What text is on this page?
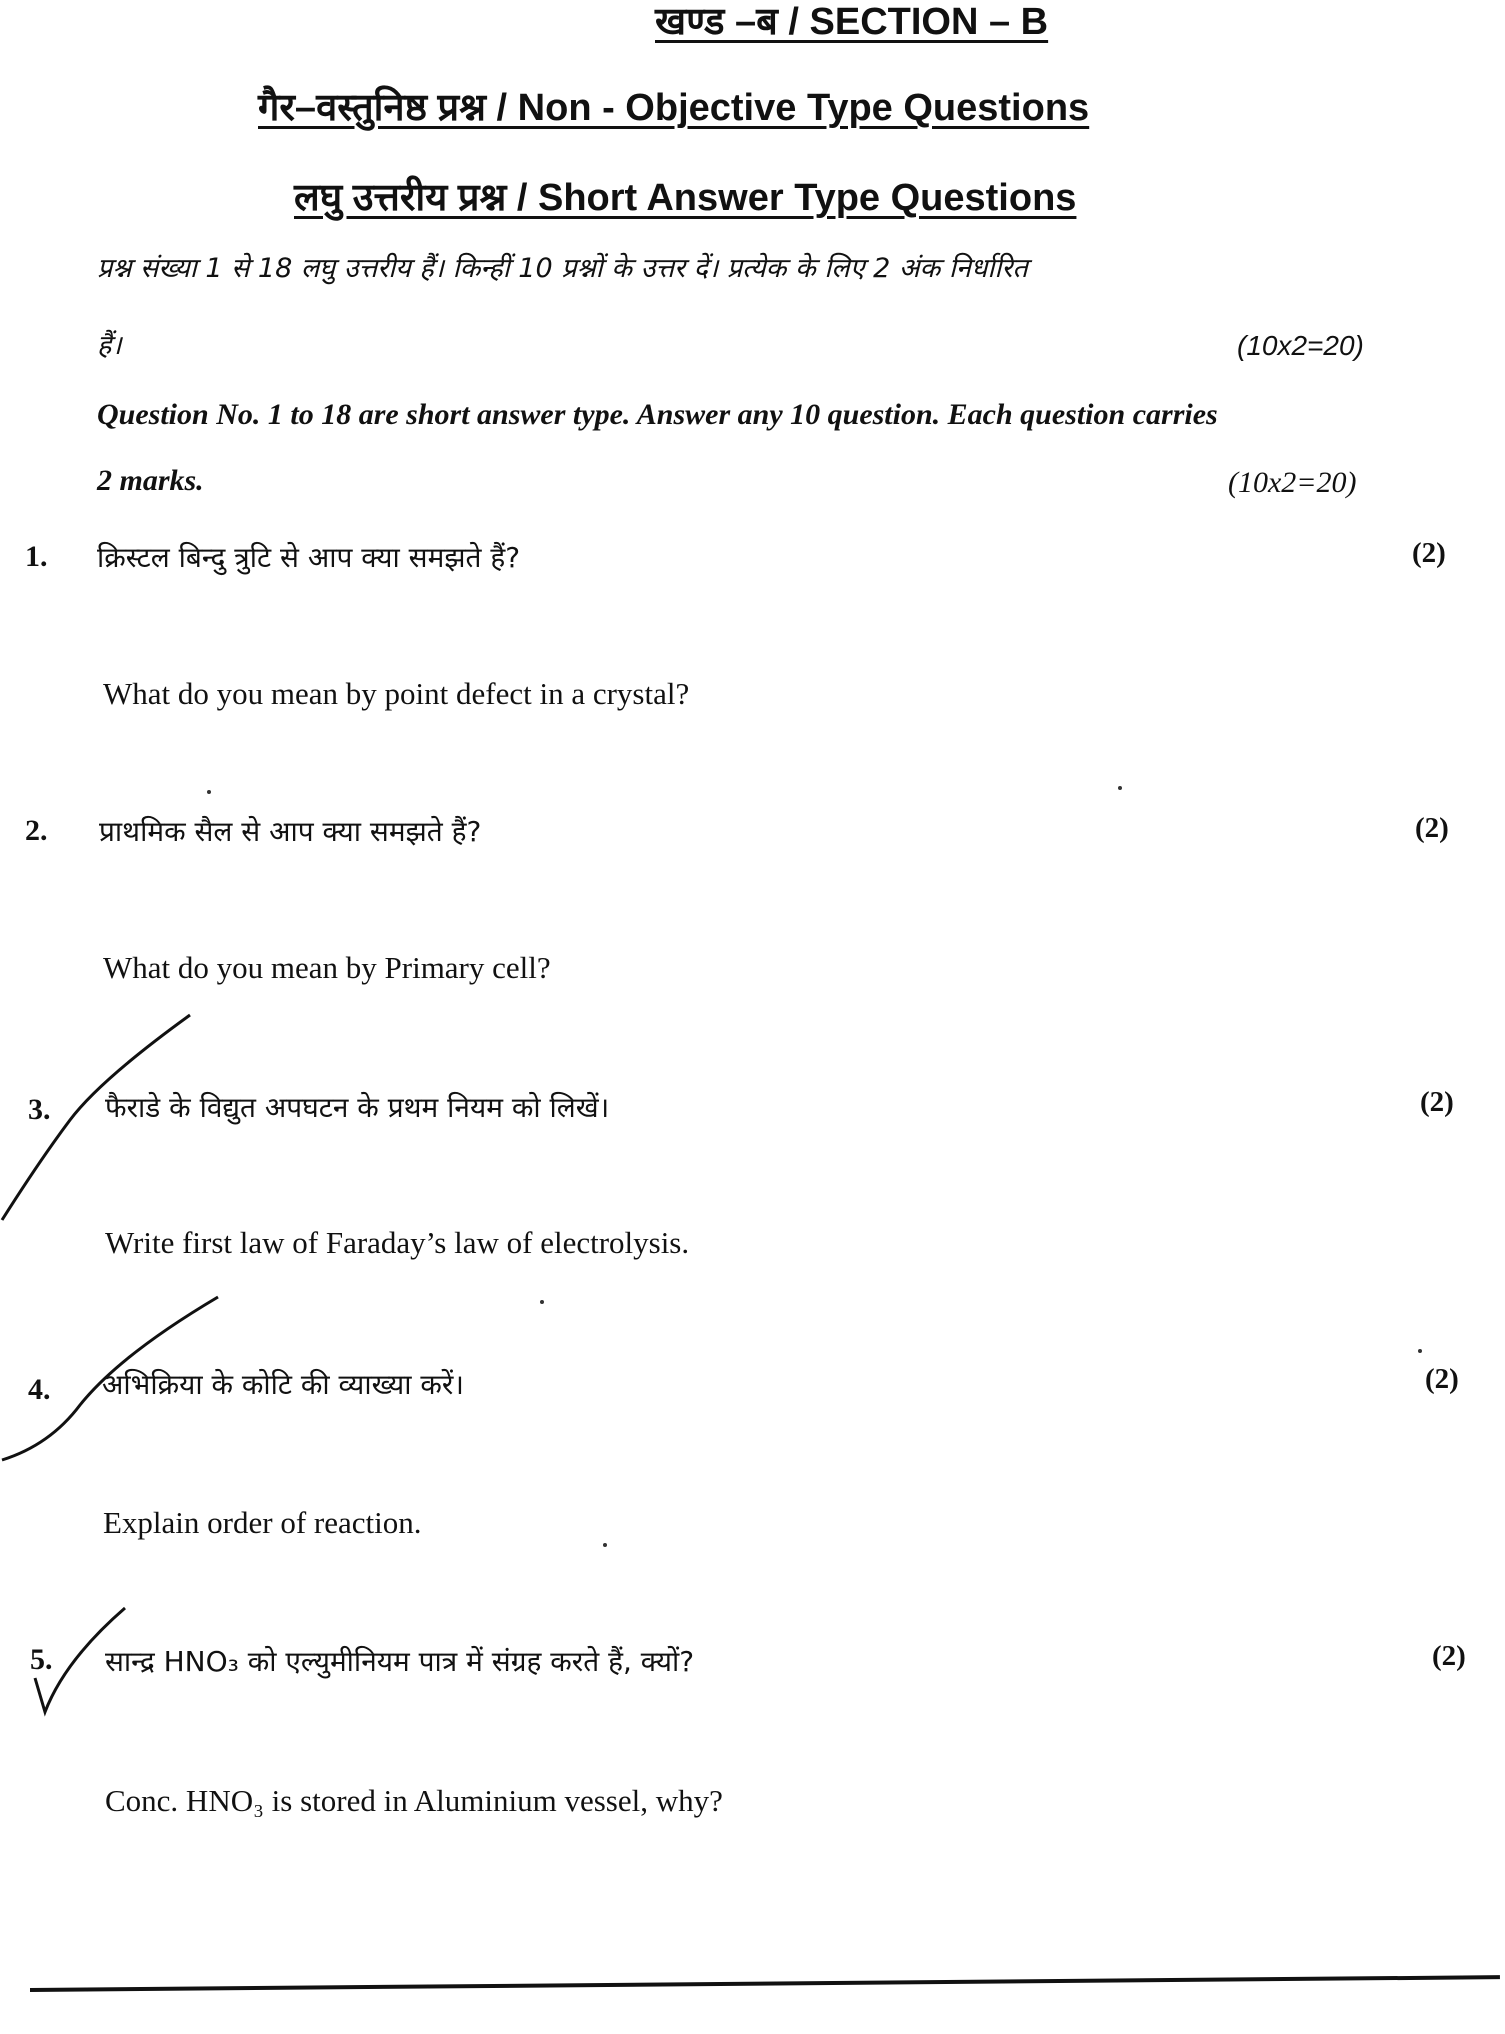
खण्ड –ब / SECTION – B
गैर–वस्तुनिष्ठ प्रश्न / Non - Objective Type Questions
लघु उत्तरीय प्रश्न / Short Answer Type Questions
प्रश्न संख्या 1 से 18 लघु उत्तरीय हैं। किन्हीं 10 प्रश्नों के उत्तर दें। प्रत्येक के लिए 2 अंक निर्धारित
हैं।	(10x2=20)
Question No. 1 to 18 are short answer type. Answer any 10 question. Each question carries
2 marks.	(10x2=20)
1. क्रिस्टल बिन्दु त्रुटि से आप क्या समझते हैं?	(2)
What do you mean by point defect in a crystal?
2. प्राथमिक सैल से आप क्या समझते हैं?	(2)
What do you mean by Primary cell?
3. फैराडे के विद्युत अपघटन के प्रथम नियम को लिखें।	(2)
Write first law of Faraday’s law of electrolysis.
4. अभिक्रिया के कोटि की व्याख्या करें।	(2)
Explain order of reaction.
5. सान्द्र HNO₃ को एल्युमीनियम पात्र में संग्रह करते हैं, क्यों?	(2)
Conc. HNO₃ is stored in Aluminium vessel, why?
